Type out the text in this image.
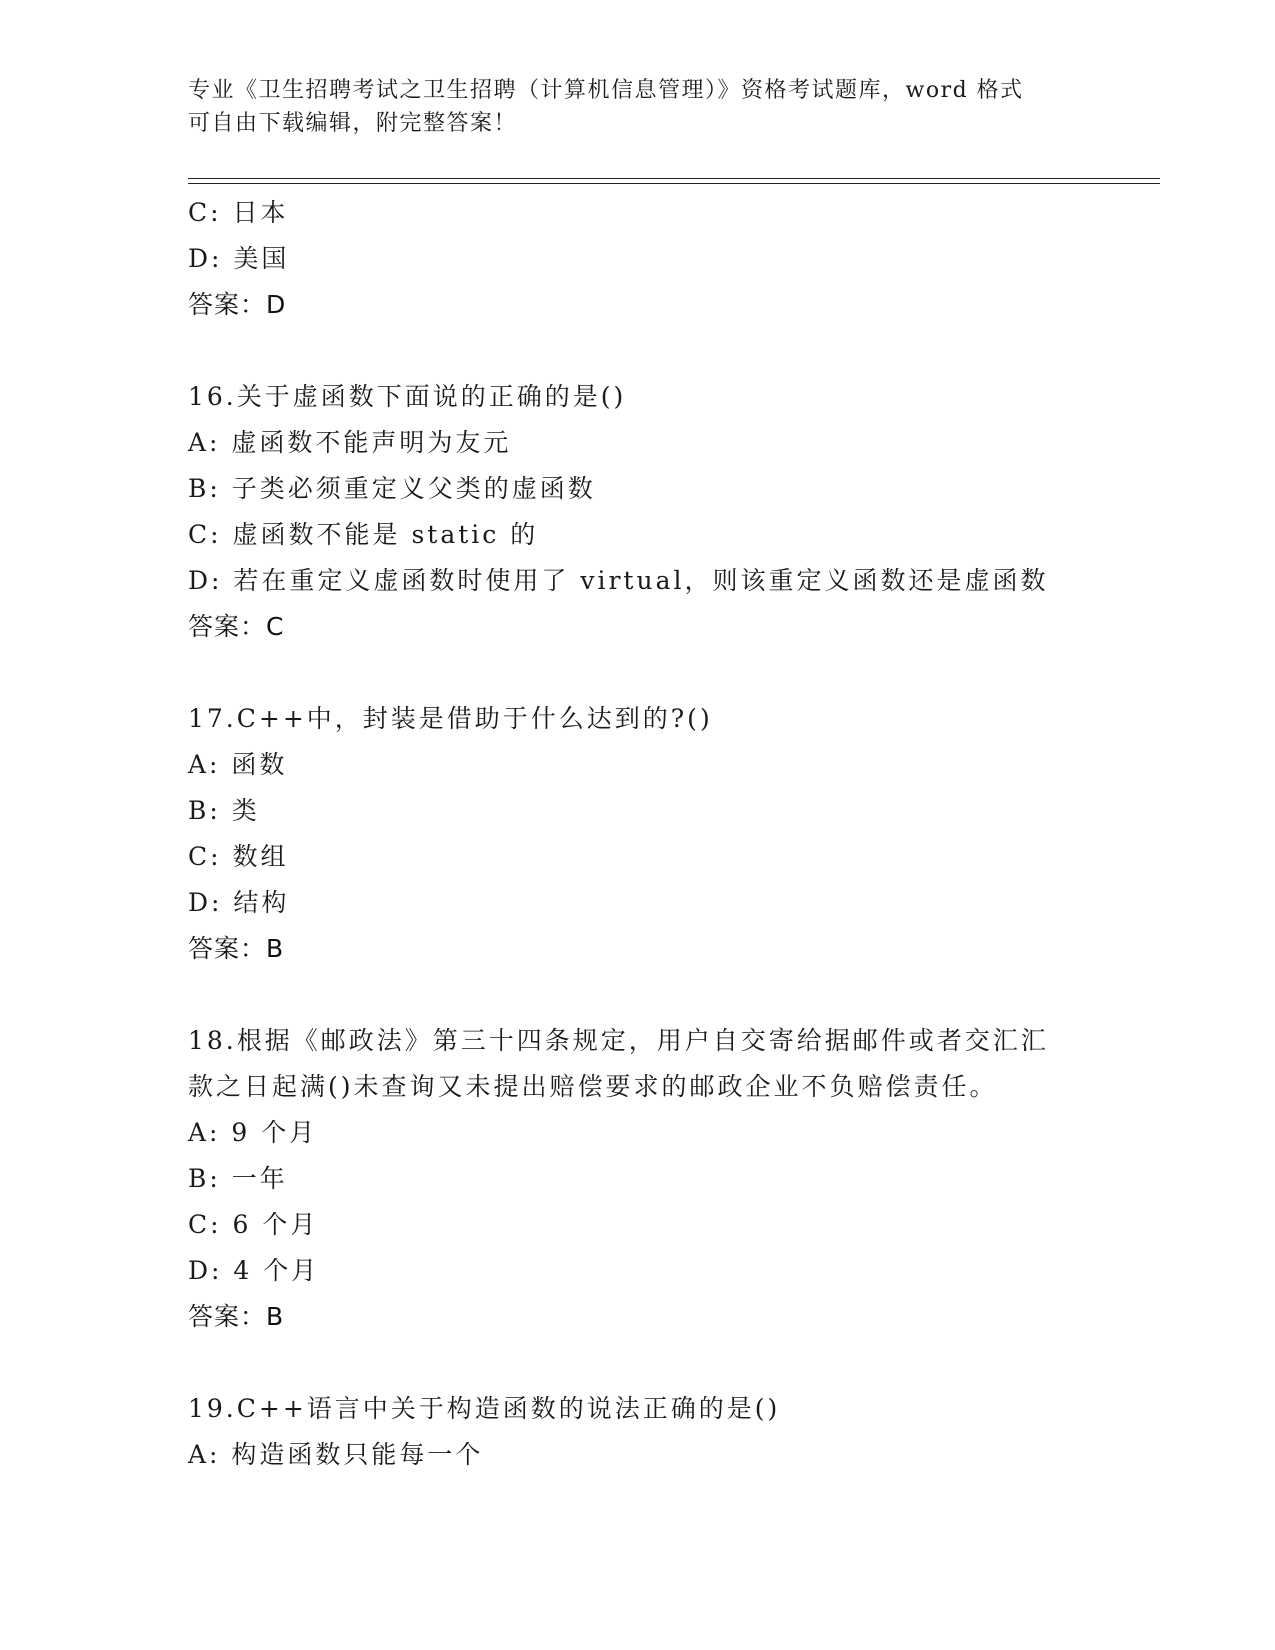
专业《卫生招聘考试之卫生招聘（计算机信息管理）》资格考试题库，word 格式
可自由下载编辑，附完整答案！
C: 日本
D: 美国
答案：D
16.关于虚函数下面说的正确的是()
A: 虚函数不能声明为友元
B: 子类必须重定义父类的虚函数
C: 虚函数不能是 static 的
D: 若在重定义虚函数时使用了 virtual，则该重定义函数还是虚函数
答案：C
17.C++中，封装是借助于什么达到的?()
A: 函数
B: 类
C: 数组
D: 结构
答案：B
18.根据《邮政法》第三十四条规定，用户自交寄给据邮件或者交汇汇
款之日起满()未查询又未提出赔偿要求的邮政企业不负赔偿责任。
A: 9 个月
B: 一年
C: 6 个月
D: 4 个月
答案：B
19.C++语言中关于构造函数的说法正确的是()
A: 构造函数只能每一个
